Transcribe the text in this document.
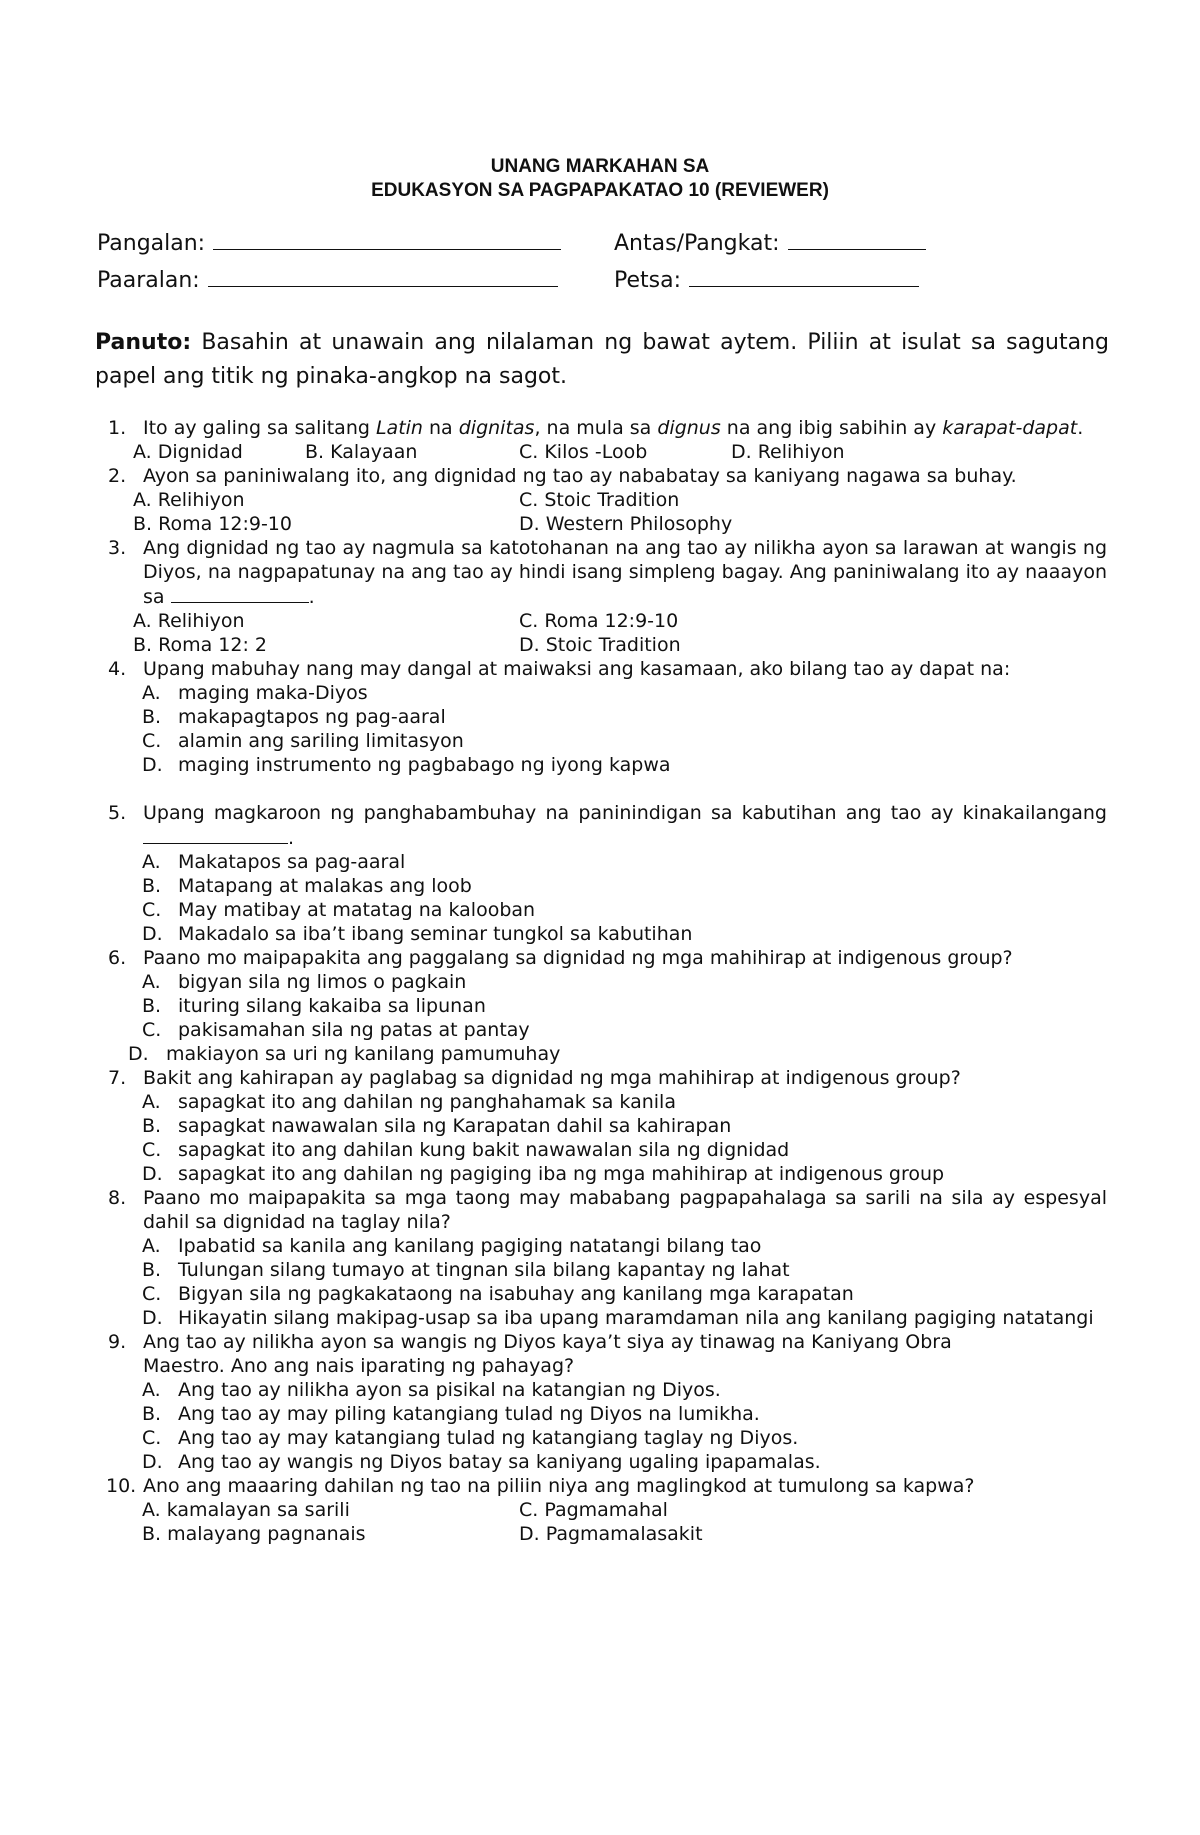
UNANG MARKAHAN SA
EDUKASYON SA PAGPAPAKATAO 10 (REVIEWER)
Pangalan:	Antas/Pangkat:
Paaralan:	Petsa:
Panuto: Basahin at unawain ang nilalaman ng bawat aytem. Piliin at isulat sa sagutang papel ang titik ng pinaka-angkop na sagot.
1. Ito ay galing sa salitang Latin na dignitas, na mula sa dignus na ang ibig sabihin ay karapat-dapat.
A. Dignidad	B. Kalayaan	C. Kilos -Loob	D. Relihiyon
2. Ayon sa paniniwalang ito, ang dignidad ng tao ay nababatay sa kaniyang nagawa sa buhay.
A. Relihiyon	C. Stoic Tradition
B. Roma 12:9-10	D. Western Philosophy
3. Ang dignidad ng tao ay nagmula sa katotohanan na ang tao ay nilikha ayon sa larawan at wangis ng Diyos, na nagpapatunay na ang tao ay hindi isang simpleng bagay. Ang paniniwalang ito ay naaayon sa	.
A. Relihiyon	C. Roma 12:9-10
B. Roma 12: 2	D. Stoic Tradition
4. Upang mabuhay nang may dangal at maiwaksi ang kasamaan, ako bilang tao ay dapat na:
A. maging maka-Diyos
B. makapagtapos ng pag-aaral
C. alamin ang sariling limitasyon
D. maging instrumento ng pagbabago ng iyong kapwa
5. Upang magkaroon ng panghabambuhay na paninindigan sa kabutihan ang tao ay kinakailangang .
A. Makatapos sa pag-aaral
B. Matapang at malakas ang loob
C. May matibay at matatag na kalooban
D. Makadalo sa iba’t ibang seminar tungkol sa kabutihan
6. Paano mo maipapakita ang paggalang sa dignidad ng mga mahihirap at indigenous group?
A. bigyan sila ng limos o pagkain
B. ituring silang kakaiba sa lipunan
C. pakisamahan sila ng patas at pantay
D. makiayon sa uri ng kanilang pamumuhay
7. Bakit ang kahirapan ay paglabag sa dignidad ng mga mahihirap at indigenous group?
A. sapagkat ito ang dahilan ng panghahamak sa kanila
B. sapagkat nawawalan sila ng Karapatan dahil sa kahirapan
C. sapagkat ito ang dahilan kung bakit nawawalan sila ng dignidad
D. sapagkat ito ang dahilan ng pagiging iba ng mga mahihirap at indigenous group
8. Paano mo maipapakita sa mga taong may mababang pagpapahalaga sa sarili na sila ay espesyal dahil sa dignidad na taglay nila?
A. Ipabatid sa kanila ang kanilang pagiging natatangi bilang tao
B. Tulungan silang tumayo at tingnan sila bilang kapantay ng lahat
C. Bigyan sila ng pagkakataong na isabuhay ang kanilang mga karapatan
D. Hikayatin silang makipag-usap sa iba upang maramdaman nila ang kanilang pagiging natatangi
9. Ang tao ay nilikha ayon sa wangis ng Diyos kaya’t siya ay tinawag na Kaniyang Obra Maestro. Ano ang nais iparating ng pahayag?
A. Ang tao ay nilikha ayon sa pisikal na katangian ng Diyos.
B. Ang tao ay may piling katangiang tulad ng Diyos na lumikha.
C. Ang tao ay may katangiang tulad ng katangiang taglay ng Diyos.
D. Ang tao ay wangis ng Diyos batay sa kaniyang ugaling ipapamalas.
10. Ano ang maaaring dahilan ng tao na piliin niya ang maglingkod at tumulong sa kapwa?
A. kamalayan sa sarili	C. Pagmamahal
B. malayang pagnanais	D. Pagmamalasakit
